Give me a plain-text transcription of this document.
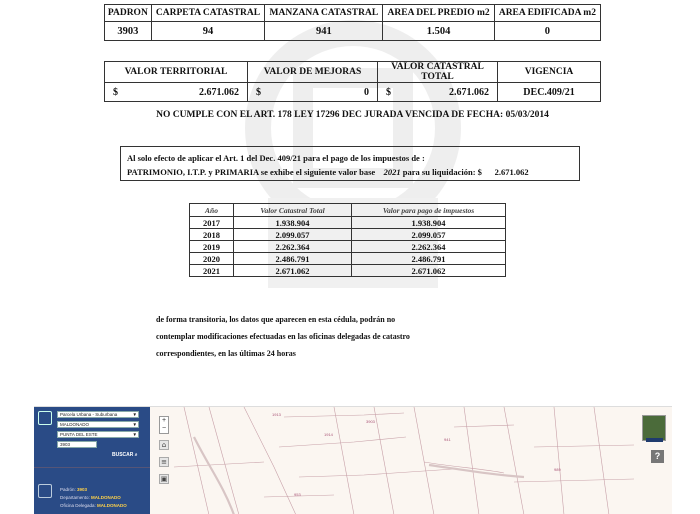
PADRON	CARPETA CATASTRAL	MANZANA CATASTRAL	AREA DEL PREDIO m2	AREA EDIFICADA m2
3903	94	941	1.504	0
VALOR TERRITORIAL	VALOR DE MEJORAS	VALOR CATASTRAL TOTAL	VIGENCIA
$ 2.671.062	$ 0	$ 2.671.062	DEC.409/21
NO CUMPLE CON EL ART. 178 LEY 17296 DEC JURADA VENCIDA DE FECHA: 05/03/2014
Al solo efecto de aplicar el Art. 1 del Dec. 409/21 para el pago de los impuestos de :
PATRIMONIO, I.T.P. y PRIMARIA se exhibe el siguiente valor base 2021 para su liquidación: $ 2.671.062
Año	Valor Catastral Total	Valor para pago de impuestos
2017	1.938.904	1.938.904
2018	2.099.057	2.099.057
2019	2.262.364	2.262.364
2020	2.486.791	2.486.791
2021	2.671.062	2.671.062
de forma transitoria, los datos que aparecen en esta cédula, podrán no
contemplar modificaciones efectuadas en las oficinas delegadas de catastro
correspondientes, en las últimas 24 horas
1913
1914
3903
941
989
953
Parcela Urbana - Suburbana	▼
MALDONADO	▼
PUNTA DEL ESTE	▼
3903
BUSCAR ⌕
Padrón: 3903
Departamento: MALDONADO
Oficina Delegada: MALDONADO
+
−
⌂
≡
▣
?
